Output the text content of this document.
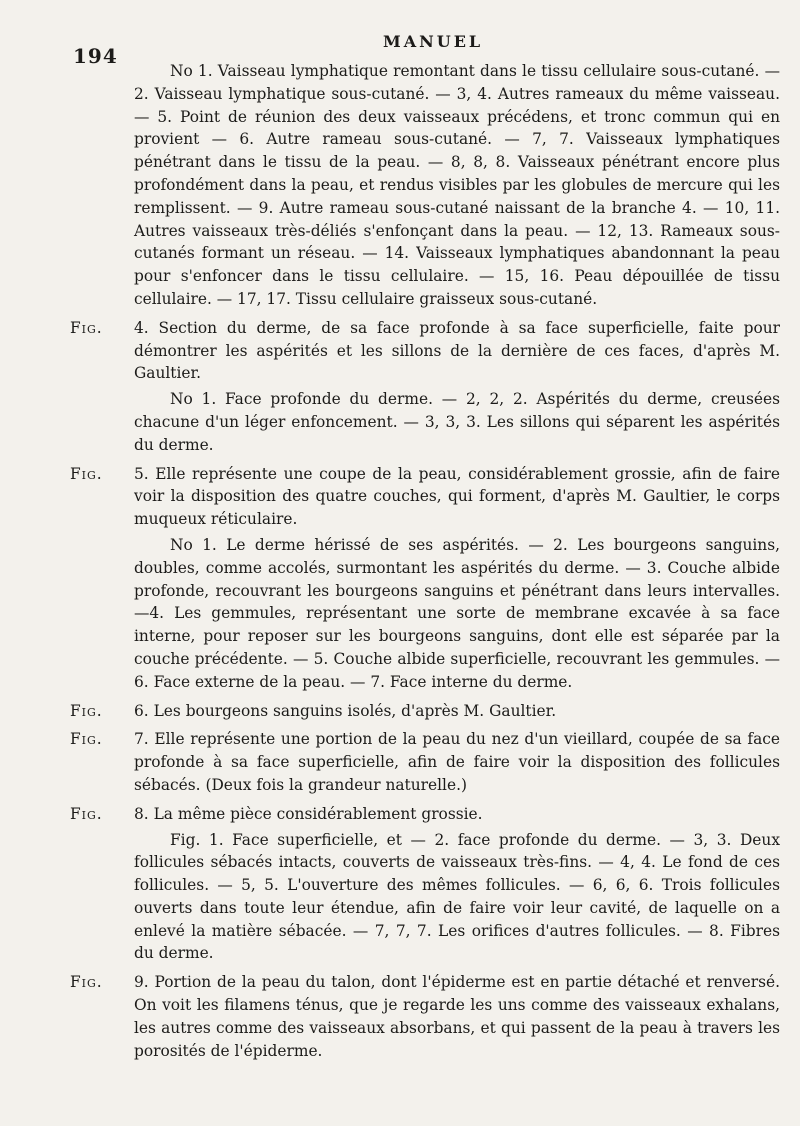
194
MANUEL

No 1. Vaisseau lymphatique remontant dans le tissu cellulaire sous-cutané. — 2. Vaisseau lymphatique sous-cutané. — 3, 4. Autres rameaux du même vaisseau. — 5. Point de réunion des deux vaisseaux précédens, et tronc commun qui en provient — 6. Autre rameau sous-cutané. — 7, 7. Vaisseaux lymphatiques pénétrant dans le tissu de la peau. — 8, 8, 8. Vaisseaux pénétrant encore plus profondément dans la peau, et rendus visibles par les globules de mercure qui les remplissent. — 9. Autre rameau sous-cutané naissant de la branche 4. — 10, 11. Autres vaisseaux très-déliés s'enfonçant dans la peau. — 12, 13. Rameaux sous-cutanés formant un réseau. — 14. Vaisseaux lymphatiques abandonnant la peau pour s'enfoncer dans le tissu cellulaire. — 15, 16. Peau dépouillée de tissu cellulaire. — 17, 17. Tissu cellulaire graisseux sous-cutané.

Fig.	4. Section du derme, de sa face profonde à sa face superficielle, faite pour démontrer les aspérités et les sillons de la dernière de ces faces, d'après M. Gaultier.

No 1. Face profonde du derme. — 2, 2, 2. Aspérités du derme, creusées chacune d'un léger enfoncement. — 3, 3, 3. Les sillons qui séparent les aspérités du derme.

Fig.	5. Elle représente une coupe de la peau, considérablement grossie, afin de faire voir la disposition des quatre couches, qui forment, d'après M. Gaultier, le corps muqueux réticulaire.

No 1. Le derme hérissé de ses aspérités. — 2. Les bourgeons sanguins, doubles, comme accolés, surmontant les aspérités du derme. — 3. Couche albide profonde, recouvrant les bourgeons sanguins et pénétrant dans leurs intervalles.—4. Les gemmules, représentant une sorte de membrane excavée à sa face interne, pour reposer sur les bourgeons sanguins, dont elle est séparée par la couche précédente. — 5. Couche albide superficielle, recouvrant les gemmules. — 6. Face externe de la peau. — 7. Face interne du derme.

Fig.	6. Les bourgeons sanguins isolés, d'après M. Gaultier.

Fig.	7. Elle représente une portion de la peau du nez d'un vieillard, coupée de sa face profonde à sa face superficielle, afin de faire voir la disposition des follicules sébacés. (Deux fois la grandeur naturelle.)

Fig.	8. La même pièce considérablement grossie.

Fig. 1. Face superficielle, et — 2. face profonde du derme. — 3, 3. Deux follicules sébacés intacts, couverts de vaisseaux très-fins. — 4, 4. Le fond de ces follicules. — 5, 5. L'ouverture des mêmes follicules. — 6, 6, 6. Trois follicules ouverts dans toute leur étendue, afin de faire voir leur cavité, de laquelle on a enlevé la matière sébacée. — 7, 7, 7. Les orifices d'autres follicules. — 8. Fibres du derme.

Fig.	9. Portion de la peau du talon, dont l'épiderme est en partie détaché et renversé. On voit les filamens ténus, que je regarde les uns comme des vaisseaux exhalans, les autres comme des vaisseaux absorbans, et qui passent de la peau à travers les porosités de l'épiderme.
